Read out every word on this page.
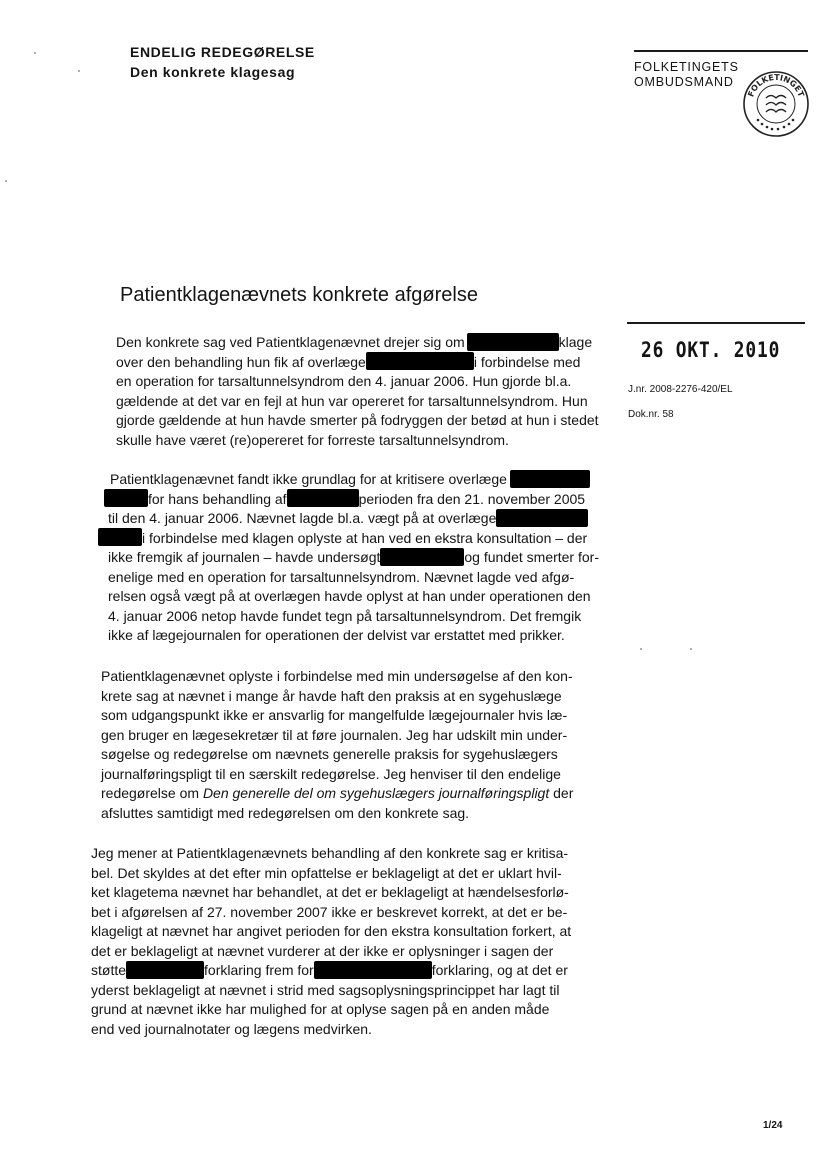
ENDELIG REDEGØRELSE
Den konkrete klagesag	FOLKETINGETS
OMBUDSMAND
FOLKETINGET
Patientklagenævnets konkrete afgørelse
26 OKT. 2010
J.nr. 2008-2276-420/EL
Dok.nr. 58
Den konkrete sag ved Patientklagenævnet drejer sig om	klage
over den behandling hun fik af overlæge	i forbindelse med
en operation for tarsaltunnelsyndrom den 4. januar 2006. Hun gjorde bl.a.
gældende at det var en fejl at hun var opereret for tarsaltunnelsyndrom. Hun
gjorde gældende at hun havde smerter på fodryggen der betød at hun i stedet
skulle have været (re)opereret for forreste tarsaltunnelsyndrom.
Patientklagenævnet fandt ikke grundlag for at kritisere overlæge
for hans behandling af	perioden fra den 21. november 2005
til den 4. januar 2006. Nævnet lagde bl.a. vægt på at overlæge
i forbindelse med klagen oplyste at han ved en ekstra konsultation – der
ikke fremgik af journalen – havde undersøgt	og fundet smerter for-
enelige med en operation for tarsaltunnelsyndrom. Nævnet lagde ved afgø-
relsen også vægt på at overlægen havde oplyst at han under operationen den
4. januar 2006 netop havde fundet tegn på tarsaltunnelsyndrom. Det fremgik
ikke af lægejournalen for operationen der delvist var erstattet med prikker.
Patientklagenævnet oplyste i forbindelse med min undersøgelse af den kon-
krete sag at nævnet i mange år havde haft den praksis at en sygehuslæge
som udgangspunkt ikke er ansvarlig for mangelfulde lægejournaler hvis læ-
gen bruger en lægesekretær til at føre journalen. Jeg har udskilt min under-
søgelse og redegørelse om nævnets generelle praksis for sygehuslægers
journalføringspligt til en særskilt redegørelse. Jeg henviser til den endelige
redegørelse om Den generelle del om sygehuslægers journalføringspligt der
afsluttes samtidigt med redegørelsen om den konkrete sag.
Jeg mener at Patientklagenævnets behandling af den konkrete sag er kritisa-
bel. Det skyldes at det efter min opfattelse er beklageligt at det er uklart hvil-
ket klagetema nævnet har behandlet, at det er beklageligt at hændelsesforlø-
bet i afgørelsen af 27. november 2007 ikke er beskrevet korrekt, at det er be-
klageligt at nævnet har angivet perioden for den ekstra konsultation forkert, at
det er beklageligt at nævnet vurderer at der ikke er oplysninger i sagen der
støtte	forklaring frem for	forklaring, og at det er
yderst beklageligt at nævnet i strid med sagsoplysningsprincippet har lagt til
grund at nævnet ikke har mulighed for at oplyse sagen på en anden måde
end ved journalnotater og lægens medvirken.
1/24
